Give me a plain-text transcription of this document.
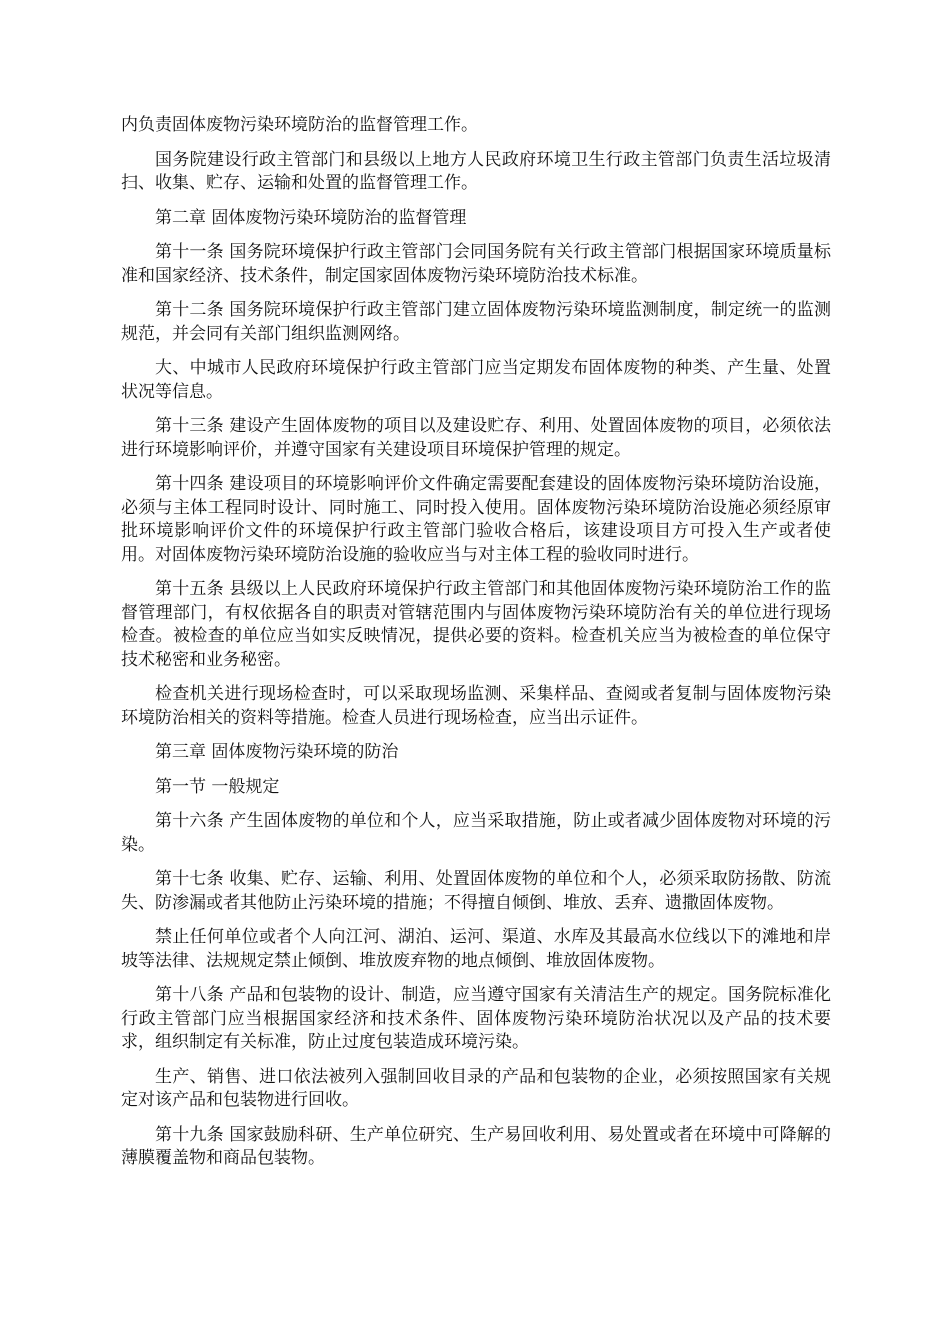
内负责固体废物污染环境防治的监督管理工作。

国务院建设行政主管部门和县级以上地方人民政府环境卫生行政主管部门负责生活垃圾清扫、收集、贮存、运输和处置的监督管理工作。

第二章 固体废物污染环境防治的监督管理

第十一条 国务院环境保护行政主管部门会同国务院有关行政主管部门根据国家环境质量标准和国家经济、技术条件，制定国家固体废物污染环境防治技术标准。

第十二条 国务院环境保护行政主管部门建立固体废物污染环境监测制度，制定统一的监测规范，并会同有关部门组织监测网络。

大、中城市人民政府环境保护行政主管部门应当定期发布固体废物的种类、产生量、处置状况等信息。

第十三条 建设产生固体废物的项目以及建设贮存、利用、处置固体废物的项目，必须依法进行环境影响评价，并遵守国家有关建设项目环境保护管理的规定。

第十四条 建设项目的环境影响评价文件确定需要配套建设的固体废物污染环境防治设施，必须与主体工程同时设计、同时施工、同时投入使用。固体废物污染环境防治设施必须经原审批环境影响评价文件的环境保护行政主管部门验收合格后，该建设项目方可投入生产或者使用。对固体废物污染环境防治设施的验收应当与对主体工程的验收同时进行。

第十五条 县级以上人民政府环境保护行政主管部门和其他固体废物污染环境防治工作的监督管理部门，有权依据各自的职责对管辖范围内与固体废物污染环境防治有关的单位进行现场检查。被检查的单位应当如实反映情况，提供必要的资料。检查机关应当为被检查的单位保守技术秘密和业务秘密。

检查机关进行现场检查时，可以采取现场监测、采集样品、查阅或者复制与固体废物污染环境防治相关的资料等措施。检查人员进行现场检查，应当出示证件。

第三章 固体废物污染环境的防治

第一节 一般规定

第十六条 产生固体废物的单位和个人，应当采取措施，防止或者减少固体废物对环境的污染。

第十七条 收集、贮存、运输、利用、处置固体废物的单位和个人，必须采取防扬散、防流失、防渗漏或者其他防止污染环境的措施；不得擅自倾倒、堆放、丢弃、遗撒固体废物。

禁止任何单位或者个人向江河、湖泊、运河、渠道、水库及其最高水位线以下的滩地和岸坡等法律、法规规定禁止倾倒、堆放废弃物的地点倾倒、堆放固体废物。

第十八条 产品和包装物的设计、制造，应当遵守国家有关清洁生产的规定。国务院标准化行政主管部门应当根据国家经济和技术条件、固体废物污染环境防治状况以及产品的技术要求，组织制定有关标准，防止过度包装造成环境污染。

生产、销售、进口依法被列入强制回收目录的产品和包装物的企业，必须按照国家有关规定对该产品和包装物进行回收。

第十九条 国家鼓励科研、生产单位研究、生产易回收利用、易处置或者在环境中可降解的薄膜覆盖物和商品包装物。
